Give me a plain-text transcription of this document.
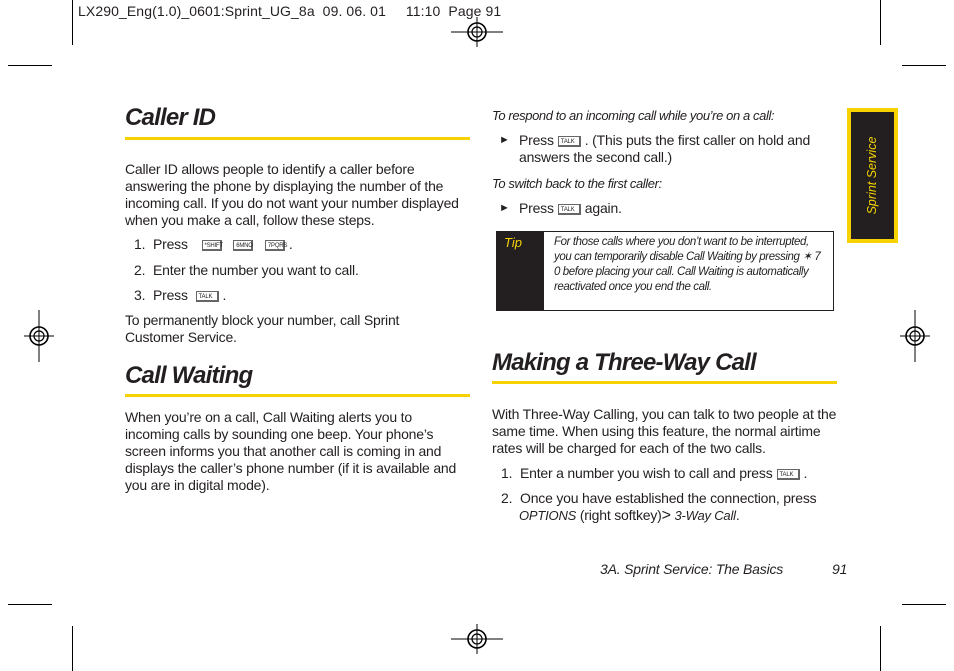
LX290_Eng(1.0)_0601:Sprint_UG_8a  09. 06. 01     11:10  Page 91
Sprint Service
Caller ID
Caller ID allows people to identify a caller before answering the phone by displaying the number of the incoming call. If you do not want your number displayed when you make a call, follow these steps.
1. Press	*SHIFT 6MNO	7PQRS .
2. Enter the number you want to call.
3. Press TALK .
To permanently block your number, call Sprint Customer Service.
Call Waiting
When you’re on a call, Call Waiting alerts you to incoming calls by sounding one beep. Your phone’s screen informs you that another call is coming in and displays the caller’s phone number (if it is available and you are in digital mode).
To respond to an incoming call while you’re on a call:
► Press TALK . (This puts the first caller on hold and answers the second call.)
To switch back to the first caller:
► Press TALK again.
Tip	For those calls where you don’t want to be interrupted, you can temporarily disable Call Waiting by pressing ✶ 7 0 before placing your call. Call Waiting is automatically reactivated once you end the call.
Making a Three-Way Call
With Three-Way Calling, you can talk to two people at the same time. When using this feature, the normal airtime rates will be charged for each of the two calls.
1. Enter a number you wish to call and press TALK .
2. Once you have established the connection, press
OPTIONS (right softkey)> 3-Way Call.
3A. Sprint Service: The Basics	91
